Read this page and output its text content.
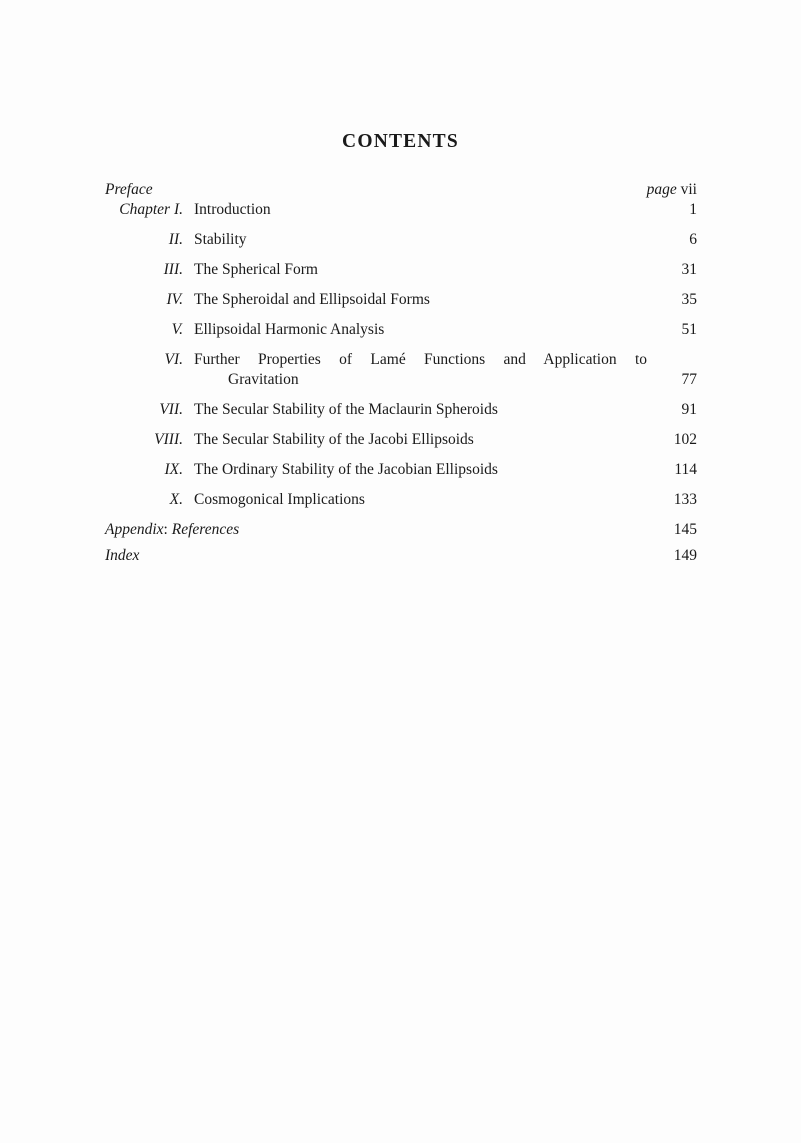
CONTENTS
Preface	page vii
Chapter I. Introduction	1
II. Stability	6
III. The Spherical Form	31
IV. The Spheroidal and Ellipsoidal Forms	35
V. Ellipsoidal Harmonic Analysis	51
VI. Further Properties of Lamé Functions and Application to
Gravitation	77
VII. The Secular Stability of the Maclaurin Spheroids	91
VIII. The Secular Stability of the Jacobi Ellipsoids	102
IX. The Ordinary Stability of the Jacobian Ellipsoids	114
X. Cosmogonical Implications	133
Appendix: References	145
Index	149
